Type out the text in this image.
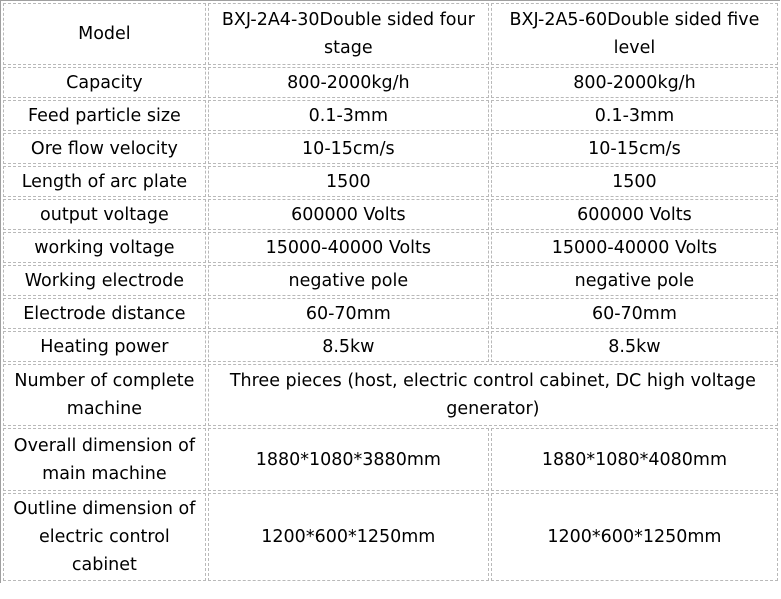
Model	BXJ-2A4-30Double sided four stage	BXJ-2A5-60Double sided five level
Capacity	800-2000kg/h	800-2000kg/h
Feed particle size	0.1-3mm	0.1-3mm
Ore flow velocity	10-15cm/s	10-15cm/s
Length of arc plate	1500	1500
output voltage	600000 Volts	600000 Volts
working voltage	15000-40000 Volts	15000-40000 Volts
Working electrode	negative pole	negative pole
Electrode distance	60-70mm	60-70mm
Heating power	8.5kw	8.5kw
Number of complete machine	Three pieces (host, electric control cabinet, DC high voltage generator)	
Overall dimension of main machine	1880*1080*3880mm	1880*1080*4080mm
Outline dimension of electric control cabinet	1200*600*1250mm	1200*600*1250mm
